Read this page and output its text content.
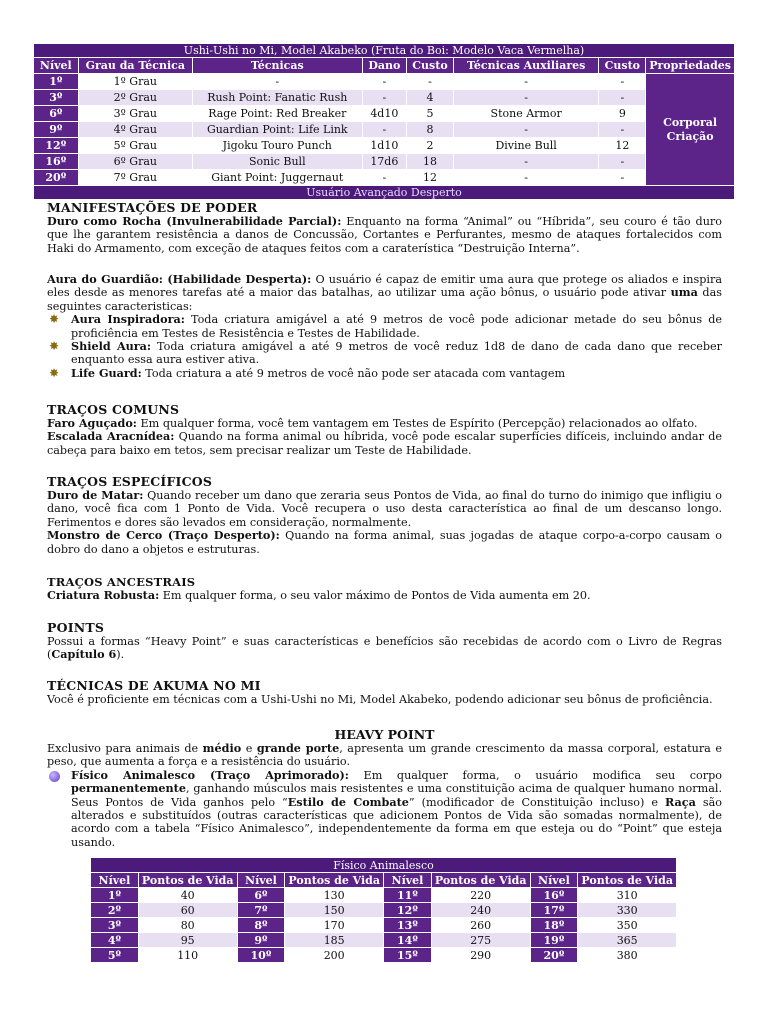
Ushi-Ushi no Mi, Model Akabeko (Fruta do Boi: Modelo Vaca Vermelha)							
Nível	Grau da Técnica	Técnicas	Dano	Custo	Técnicas Auxiliares	Custo	Propriedades
1º	1º Grau	-	-	-	-	-	Corporal
Criação

3º	2º Grau	Rush Point: Fanatic Rush	-	4	-	-	
6º	3º Grau	Rage Point: Red Breaker	4d10	5	Stone Armor	9	
9º	4º Grau	Guardian Point: Life Link	-	8	-	-	
12º	5º Grau	Jigoku Touro Punch	1d10	2	Divine Bull	12	
16º	6º Grau	Sonic Bull	17d6	18	-	-	
20º	7º Grau	Giant Point: Juggernaut	-	12	-	-	
Usuário Avançado Desperto							
MANIFESTAÇÕES DE PODER

Duro como Rocha (Invulnerabilidade Parcial): Enquanto na forma “Animal” ou “Híbrida”, seu couro é tão duro que lhe garantem resistência a danos de Concussão, Cortantes e Perfurantes, mesmo de ataques fortalecidos com Haki do Armamento, com exceção de ataques feitos com a caraterística “Destruição Interna”.

Aura do Guardião: (Habilidade Desperta): O usuário é capaz de emitir uma aura que protege os aliados e inspira eles desde as menores tarefas até a maior das batalhas, ao utilizar uma ação bônus, o usuário pode ativar uma das seguintes caracteristicas:

✸ Aura Inspiradora: Toda criatura amigável a até 9 metros de você pode adicionar metade do seu bônus de proficiência em Testes de Resistência e Testes de Habilidade.
✸ Shield Aura: Toda criatura amigável a até 9 metros de você reduz 1d8 de dano de cada dano que receber enquanto essa aura estiver ativa.
✸ Life Guard: Toda criatura a até 9 metros de você não pode ser atacada com vantagem
TRAÇOS COMUNS

Faro Aguçado: Em qualquer forma, você tem vantagem em Testes de Espírito (Percepção) relacionados ao olfato.

Escalada Aracnídea: Quando na forma animal ou híbrida, você pode escalar superfícies difíceis, incluindo andar de cabeça para baixo em tetos, sem precisar realizar um Teste de Habilidade.

TRAÇOS ESPECÍFICOS

Duro de Matar: Quando receber um dano que zeraria seus Pontos de Vida, ao final do turno do inimigo que infligiu o dano, você fica com 1 Ponto de Vida. Você recupera o uso desta característica ao final de um descanso longo. Ferimentos e dores são levados em consideração, normalmente.

Monstro de Cerco (Traço Desperto): Quando na forma animal, suas jogadas de ataque corpo-a-corpo causam o dobro do dano a objetos e estruturas.

TRAÇOS ANCESTRAIS

Criatura Robusta: Em qualquer forma, o seu valor máximo de Pontos de Vida aumenta em 20.

POINTS

Possui a formas “Heavy Point” e suas características e benefícios são recebidas de acordo com o Livro de Regras (Capítulo 6).

TÉCNICAS DE AKUMA NO MI

Você é proficiente em técnicas com a Ushi-Ushi no Mi, Model Akabeko, podendo adicionar seu bônus de proficiência.

HEAVY POINT

Exclusivo para animais de médio e grande porte, apresenta um grande crescimento da massa corporal, estatura e peso, que aumenta a força e a resistência do usuário.

Físico Animalesco (Traço Aprimorado): Em qualquer forma, o usuário modifica seu corpo permanentemente, ganhando músculos mais resistentes e uma constituição acima de qualquer humano normal. Seus Pontos de Vida ganhos pelo “Estilo de Combate” (modificador de Constituição incluso) e Raça são alterados e substituídos (outras características que adicionem Pontos de Vida são somadas normalmente), de acordo com a tabela “Físico Animalesco”, independentemente da forma em que esteja ou do “Point” que esteja usando.
Físico Animalesco							
Nível	Pontos de Vida	Nível	Pontos de Vida	Nível	Pontos de Vida	Nível	Pontos de Vida
1º	40	6º	130	11º	220	16º	310
2º	60	7º	150	12º	240	17º	330
3º	80	8º	170	13º	260	18º	350
4º	95	9º	185	14º	275	19º	365
5º	110	10º	200	15º	290	20º	380
